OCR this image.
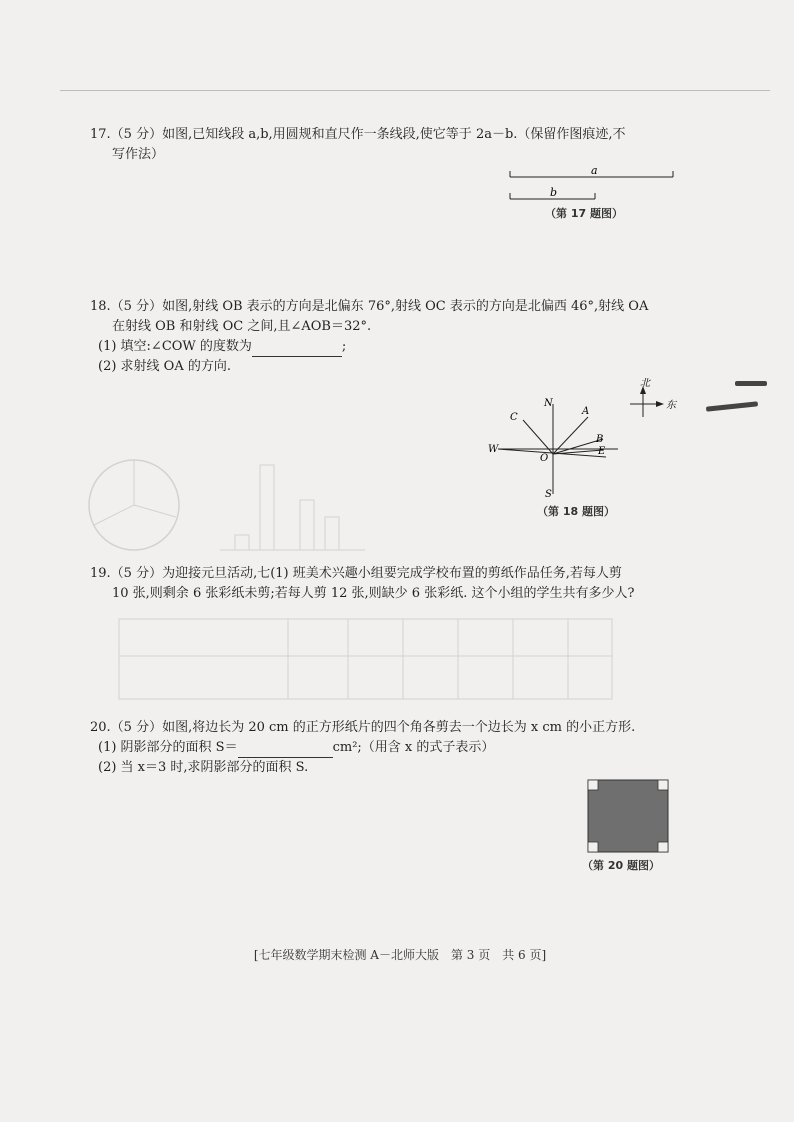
17.（5 分）如图,已知线段 a,b,用圆规和直尺作一条线段,使它等于 2a－b.（保留作图痕迹,不

写作法）

a
b
（第 17 题图）

18.（5 分）如图,射线 OB 表示的方向是北偏东 76°,射线 OC 表示的方向是北偏西 46°,射线 OA

在射线 OB 和射线 OC 之间,且∠AOB＝32°.

(1) 填空:∠COW 的度数为	;

(2) 求射线 OA 的方向.

北
东
N
A
C
B
W	E
O
S
（第 18 题图）

19.（5 分）为迎接元旦活动,七(1) 班美术兴趣小组要完成学校布置的剪纸作品任务,若每人剪

10 张,则剩余 6 张彩纸未剪;若每人剪 12 张,则缺少 6 张彩纸. 这个小组的学生共有多少人?

20.（5 分）如图,将边长为 20 cm 的正方形纸片的四个角各剪去一个边长为 x cm 的小正方形.

(1) 阴影部分的面积 S＝	cm²;（用含 x 的式子表示）

(2) 当 x＝3 时,求阴影部分的面积 S.

（第 20 题图）
[七年级数学期末检测 A－北师大版　第 3 页　共 6 页]
